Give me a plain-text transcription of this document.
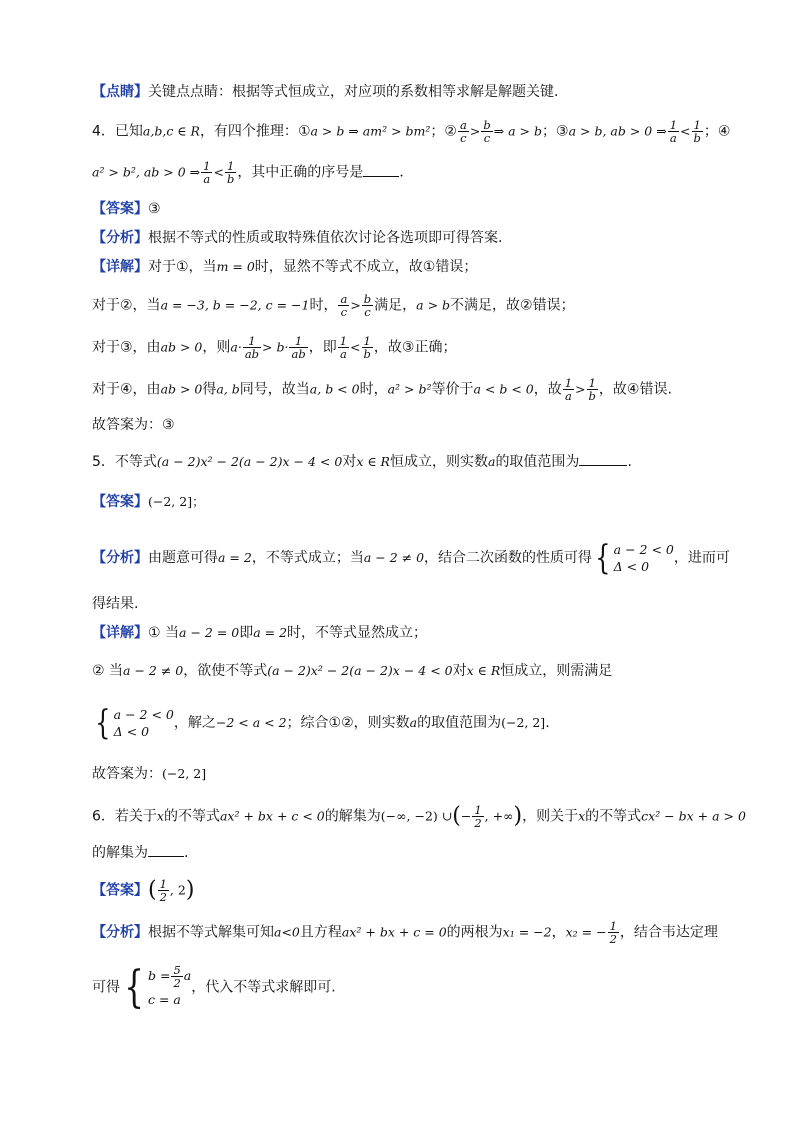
【点睛】关键点点睛：根据等式恒成立，对应项的系数相等求解是解题关键.
4．已知a,b,c ∈ R，有四个推理：①a > b ⇒ am² > bm²；② $\frac{a}{c} > \frac{b}{c}$ ⇒ a > b；③a > b, ab > 0 ⇒ $\frac{1}{a} < \frac{1}{b}$ ；④
a² > b², ab > 0 ⇒ $\frac{1}{a} < \frac{1}{b}$ ，其中正确的序号是	．
【答案】③
【分析】根据不等式的性质或取特殊值依次讨论各选项即可得答案.
【详解】对于①，当m = 0时，显然不等式不成立，故①错误；
对于②，当a = −3, b = −2, c = −1时， $\frac{a}{c} > \frac{b}{c}$ 满足，a > b不满足，故②错误；
对于③，由ab > 0，则$a\cdot \frac{1}{ab} > b\cdot \frac{1}{ab}$ ，即 $\frac{1}{a} < \frac{1}{b}$ ，故③正确；
对于④，由ab > 0得a, b同号，故当a, b < 0时，a² > b²等价于a < b < 0，故 $\frac{1}{a} > \frac{1}{b}$ ，故④错误.
故答案为：③
5．不等式(a − 2)x² − 2(a − 2)x − 4 < 0对x ∈ R恒成立，则实数a的取值范围为	.
【答案】(−2, 2]；
【分析】由题意可得a = 2，不等式成立；当a − 2 ≠ 0，结合二次函数的性质可得{ a − 2 < 0
Δ < 0
，进而可
得结果.
【详解】① 当a − 2 = 0即a = 2时，不等式显然成立；
② 当a − 2 ≠ 0，欲使不等式(a − 2)x² − 2(a − 2)x − 4 < 0对x ∈ R恒成立，则需满足
{ a − 2 < 0
Δ < 0
，解之−2 < a < 2；综合①②，则实数a的取值范围为(−2, 2].
故答案为：(−2, 2]
6．若关于x的不等式ax² + bx + c < 0的解集为(−∞, −2) ∪(− $\frac{1}{2}$ , +∞)，则关于x的不等式cx² − bx + a > 0
的解集为	.
【答案】( $\frac{1}{2}$ , 2)
【分析】根据不等式解集可知a<0且方程ax² + bx + c = 0的两根为x₁ = −2，x₂ = − $\frac{1}{2}$ ，结合韦达定理
可得{ $b = \frac{5}{2}$ a
c = a
，代入不等式求解即可.
